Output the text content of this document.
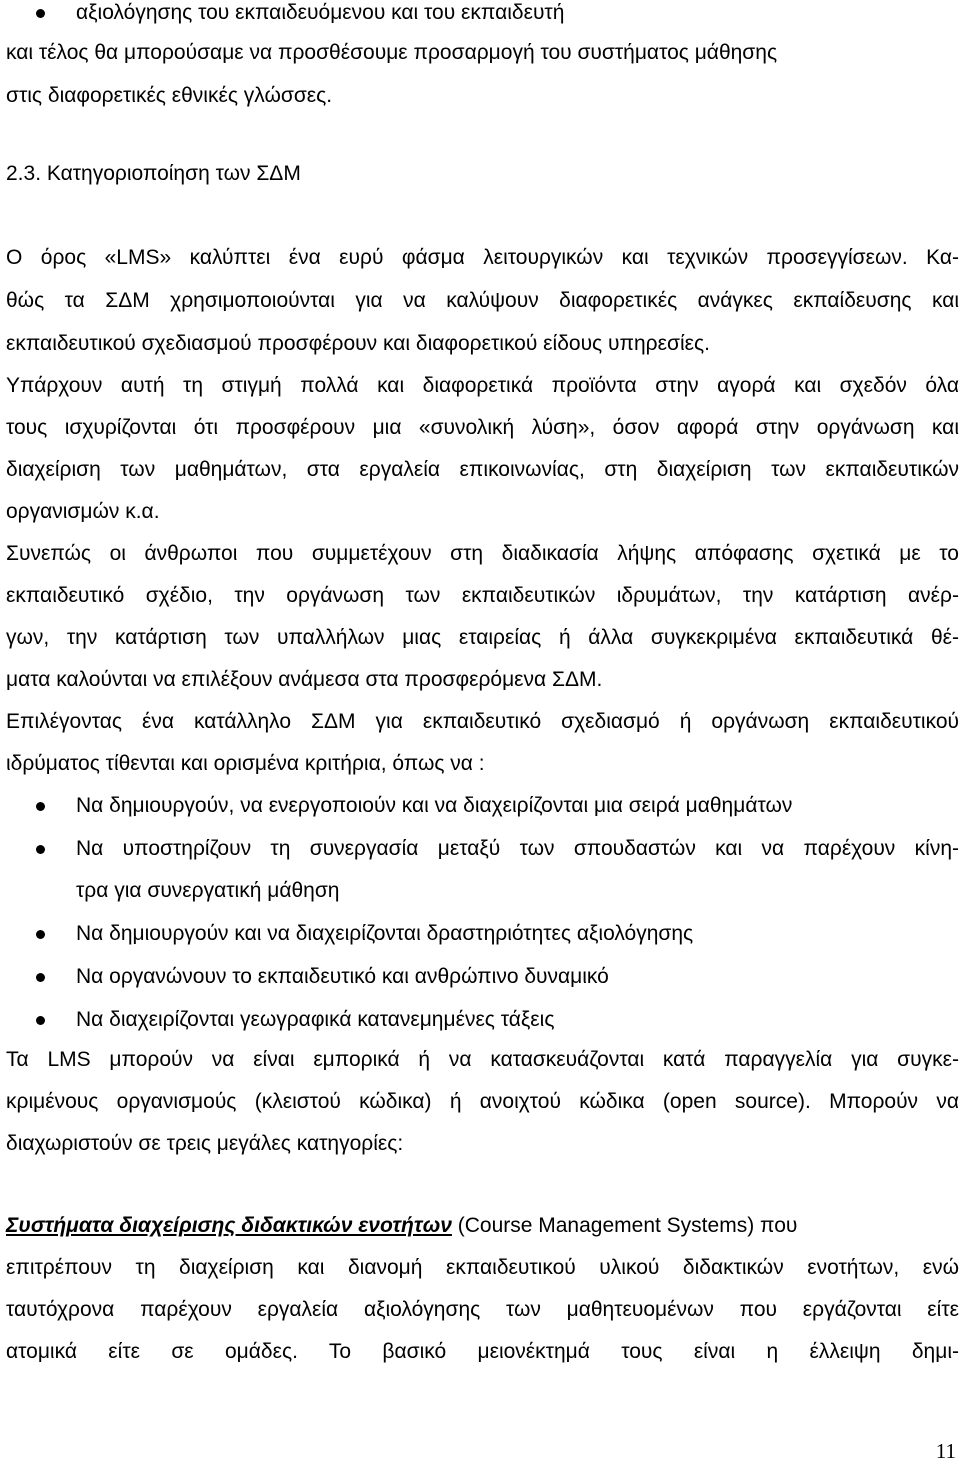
αξιολόγησης του εκπαιδευόμενου και του εκπαιδευτή
και τέλος θα μπορούσαμε να προσθέσουμε προσαρμογή του συστήματος μάθησης
στις διαφορετικές εθνικές γλώσσες.
2.3. Κατηγοριοποίηση των ΣΔΜ
Ο όρος «LMS» καλύπτει ένα ευρύ φάσμα λειτουργικών και τεχνικών προσεγγίσεων. Κα-
θώς τα ΣΔΜ χρησιμοποιούνται για να καλύψουν διαφορετικές ανάγκες εκπαίδευσης και
εκπαιδευτικού σχεδιασμού προσφέρουν και διαφορετικού είδους υπηρεσίες.
Υπάρχουν αυτή τη στιγμή πολλά και διαφορετικά προϊόντα στην αγορά και σχεδόν όλα
τους ισχυρίζονται ότι προσφέρουν μια «συνολική λύση», όσον αφορά στην οργάνωση και
διαχείριση των μαθημάτων, στα εργαλεία επικοινωνίας, στη διαχείριση των εκπαιδευτικών
οργανισμών κ.α.
Συνεπώς οι άνθρωποι που συμμετέχουν στη διαδικασία λήψης απόφασης σχετικά με το
εκπαιδευτικό σχέδιο, την οργάνωση των εκπαιδευτικών ιδρυμάτων, την κατάρτιση ανέρ-
γων, την κατάρτιση των υπαλλήλων μιας εταιρείας ή άλλα συγκεκριμένα εκπαιδευτικά θέ-
ματα καλούνται να επιλέξουν ανάμεσα στα προσφερόμενα ΣΔΜ.
Επιλέγοντας ένα κατάλληλο ΣΔΜ για εκπαιδευτικό σχεδιασμό ή οργάνωση εκπαιδευτικού
ιδρύματος τίθενται και ορισμένα κριτήρια, όπως να :
Να δημιουργούν, να ενεργοποιούν και να διαχειρίζονται μια σειρά μαθημάτων
Να υποστηρίζουν τη συνεργασία μεταξύ των σπουδαστών και να παρέχουν κίνη-
τρα για συνεργατική μάθηση
Να δημιουργούν και να διαχειρίζονται δραστηριότητες αξιολόγησης
Να οργανώνουν το εκπαιδευτικό και ανθρώπινο δυναμικό
Να διαχειρίζονται γεωγραφικά κατανεμημένες τάξεις
Τα LMS μπορούν να είναι εμπορικά ή να κατασκευάζονται κατά παραγγελία για συγκε-
κριμένους οργανισμούς (κλειστού κώδικα) ή ανοιχτού κώδικα (open source). Μπορούν να
διαχωριστούν σε τρεις μεγάλες κατηγορίες:
Συστήματα διαχείρισης διδακτικών ενοτήτων (Course Management Systems) που
επιτρέπουν τη διαχείριση και διανομή εκπαιδευτικού υλικού διδακτικών ενοτήτων, ενώ
ταυτόχρονα παρέχουν εργαλεία αξιολόγησης των μαθητευομένων που εργάζονται είτε
ατομικά είτε σε ομάδες. Το βασικό μειονέκτημά τους είναι η έλλειψη δημι-
11
